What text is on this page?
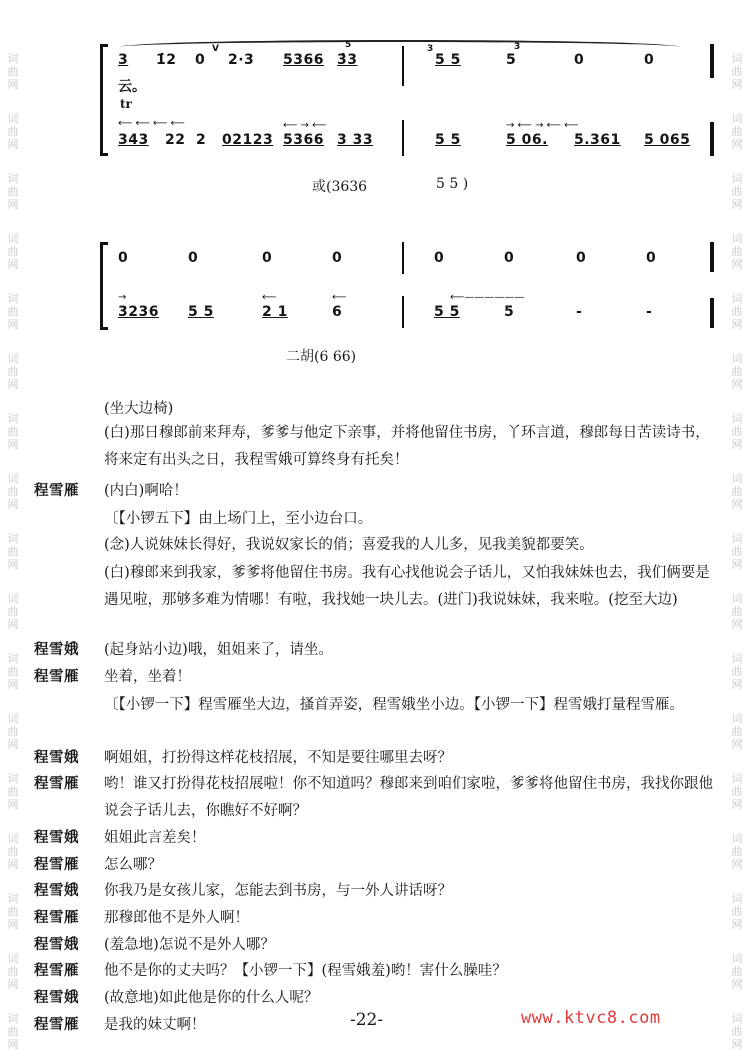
词
曲
网
词
曲
网
词
曲
网
词
曲
网
词
曲
网
词
曲
网
词
曲
网
词
曲
网
词
曲
网
词
曲
网
词
曲
网
词
曲
网
词
曲
网
词
曲
网
词
曲
网
词
曲
网
词
曲
网
词
曲
网
词
曲
网
词
曲
网
词
曲
网
词
曲
网
词
曲
网
词
曲
网
词
曲
网
词
曲
网
词
曲
网
词
曲
网
词
曲
网
词
曲
网
词
曲
网
词
曲
网
词
曲
网
词
曲
网
3 1̇2 0 2·3 5366 3̇3	5 5	5	0	0
V	5	3	3
云。
tr
⟵ ⟵ ⟵ ⟵	⟵ → ⟵	→ ⟵ → ⟵ ⟵
343 22 2 02123 5366 3 33	5 5	5 06. 5.361 5 065
或(3636	5 5 )
0	0	0	0	0	0	0	0
→	⟵	⟵	⟵——————
3236 5 5	2 1	6	5 5	5	-	-
二胡(6 66)
(坐大边椅)
(白)那日穆郎前来拜寿，爹爹与他定下亲事，并将他留住书房，丫环言道，穆郎每日苦读诗书，将来定有出头之日，我程雪娥可算终身有托矣！
程雪雁 (内白)啊哈！
〔【小锣五下】由上场门上，至小边台口。
(念)人说妹妹长得好，我说奴家长的俏；喜爱我的人儿多，见我美貌都要笑。
(白)穆郎来到我家，爹爹将他留住书房。我有心找他说会子话儿，又怕我妹妹也去，我们俩要是遇见啦，那够多难为情哪！有啦，我找她一块儿去。(进门)我说妹妹，我来啦。(挖至大边)
程雪娥 (起身站小边)哦，姐姐来了，请坐。
程雪雁 坐着，坐着！
〔【小锣一下】程雪雁坐大边，搔首弄姿，程雪娥坐小边。【小锣一下】程雪娥打量程雪雁。
程雪娥 啊姐姐，打扮得这样花枝招展，不知是要往哪里去呀？
程雪雁 哟！谁又打扮得花枝招展啦！你不知道吗？穆郎来到咱们家啦，爹爹将他留住书房，我找你跟他说会子话儿去，你瞧好不好啊？
程雪娥 姐姐此言差矣！
程雪雁 怎么哪？
程雪娥 你我乃是女孩儿家，怎能去到书房，与一外人讲话呀？
程雪雁 那穆郎他不是外人啊！
程雪娥 (羞急地)怎说不是外人哪？
程雪雁 他不是你的丈夫吗？【小锣一下】(程雪娥羞)哟！害什么臊哇？
程雪娥 (故意地)如此他是你的什么人呢？
程雪雁 是我的妹丈啊！	-22-	www.ktvc8.com
